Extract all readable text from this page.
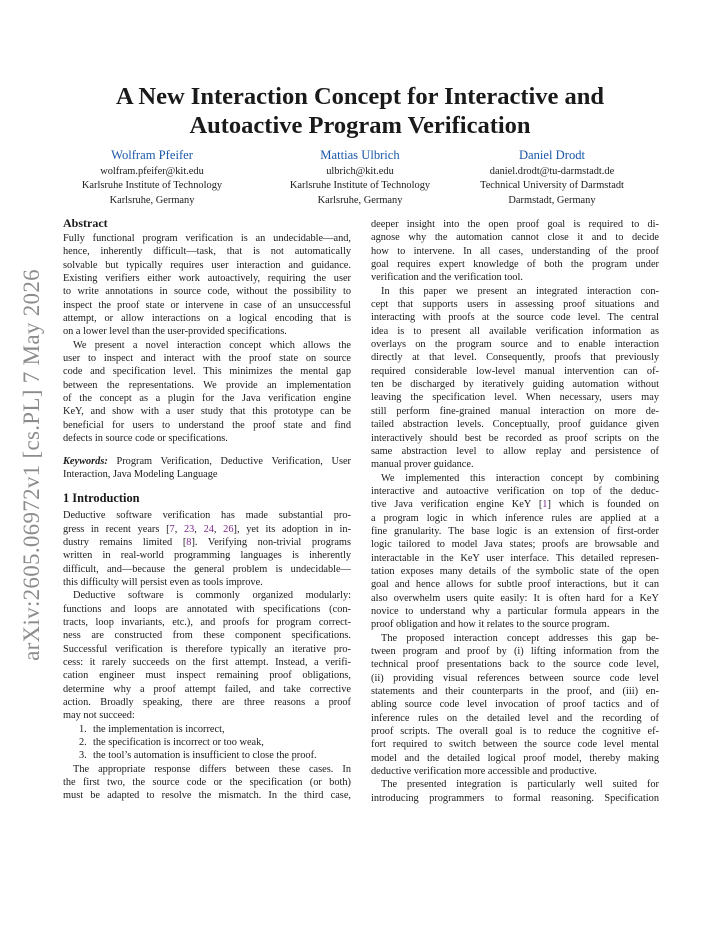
arXiv:2605.06972v1 [cs.PL] 7 May 2026
A New Interaction Concept for Interactive and
Autoactive Program Verification
Wolfram Pfeifer
wolfram.pfeifer@kit.edu
Karlsruhe Institute of Technology
Karlsruhe, Germany
Mattias Ulbrich
ulbrich@kit.edu
Karlsruhe Institute of Technology
Karlsruhe, Germany
Daniel Drodt
daniel.drodt@tu-darmstadt.de
Technical University of Darmstadt
Darmstadt, Germany
Abstract
Fully functional program verification is an undecidable—and,
hence, inherently difficult—task, that is not automatically
solvable but typically requires user interaction and guidance.
Existing verifiers either work autoactively, requiring the user
to write annotations in source code, without the possibility to
inspect the proof state or intervene in case of an unsuccessful
attempt, or allow interactions on a logical encoding that is
on a lower level than the user-provided specifications.
We present a novel interaction concept which allows the
user to inspect and interact with the proof state on source
code and specification level. This minimizes the mental gap
between the representations. We provide an implementation
of the concept as a plugin for the Java verification engine
KeY, and show with a user study that this prototype can be
beneficial for users to understand the proof state and find
defects in source code or specifications.
Keywords: Program Verification, Deductive Verification, User
Interaction, Java Modeling Language
1 Introduction
Deductive software verification has made substantial pro-
gress in recent years [7, 23, 24, 26], yet its adoption in in-
dustry remains limited [8]. Verifying non-trivial programs
written in real-world programming languages is inherently
difficult, and—because the general problem is undecidable—
this difficulty will persist even as tools improve.
Deductive software is commonly organized modularly:
functions and loops are annotated with specifications (con-
tracts, loop invariants, etc.), and proofs for program correct-
ness are constructed from these component specifications.
Successful verification is therefore typically an iterative pro-
cess: it rarely succeeds on the first attempt. Instead, a verifi-
cation engineer must inspect remaining proof obligations,
determine why a proof attempt failed, and take corrective
action. Broadly speaking, there are three reasons a proof
may not succeed:
1. the implementation is incorrect,
2. the specification is incorrect or too weak,
3. the tool’s automation is insufficient to close the proof.
The appropriate response differs between these cases. In
the first two, the source code or the specification (or both)
must be adapted to resolve the mismatch. In the third case,
deeper insight into the open proof goal is required to di-
agnose why the automation cannot close it and to decide
how to intervene. In all cases, understanding of the proof
goal requires expert knowledge of both the program under
verification and the verification tool.
In this paper we present an integrated interaction con-
cept that supports users in assessing proof situations and
interacting with proofs at the source code level. The central
idea is to present all available verification information as
overlays on the program source and to enable interaction
directly at that level. Consequently, proofs that previously
required considerable low-level manual intervention can of-
ten be discharged by iteratively guiding automation without
leaving the specification level. When necessary, users may
still perform fine-grained manual interaction on more de-
tailed abstraction levels. Conceptually, proof guidance given
interactively should best be recorded as proof scripts on the
same abstraction level to allow replay and persistence of
manual prover guidance.
We implemented this interaction concept by combining
interactive and autoactive verification on top of the deduc-
tive Java verification engine KeY [1] which is founded on
a program logic in which inference rules are applied at a
fine granularity. The base logic is an extension of first-order
logic tailored to model Java states; proofs are browsable and
interactable in the KeY user interface. This detailed represen-
tation exposes many details of the symbolic state of the open
goal and hence allows for subtle proof interactions, but it can
also overwhelm users quite easily: It is often hard for a KeY
novice to understand why a particular formula appears in the
proof obligation and how it relates to the source program.
The proposed interaction concept addresses this gap be-
tween program and proof by (i) lifting information from the
technical proof presentations back to the source code level,
(ii) providing visual references between source code level
statements and their counterparts in the proof, and (iii) en-
abling source code level invocation of proof tactics and of
inference rules on the detailed level and the recording of
proof scripts. The overall goal is to reduce the cognitive ef-
fort required to switch between the source code level mental
model and the detailed logical proof model, thereby making
deductive verification more accessible and productive.
The presented integration is particularly well suited for
introducing programmers to formal reasoning. Specification
